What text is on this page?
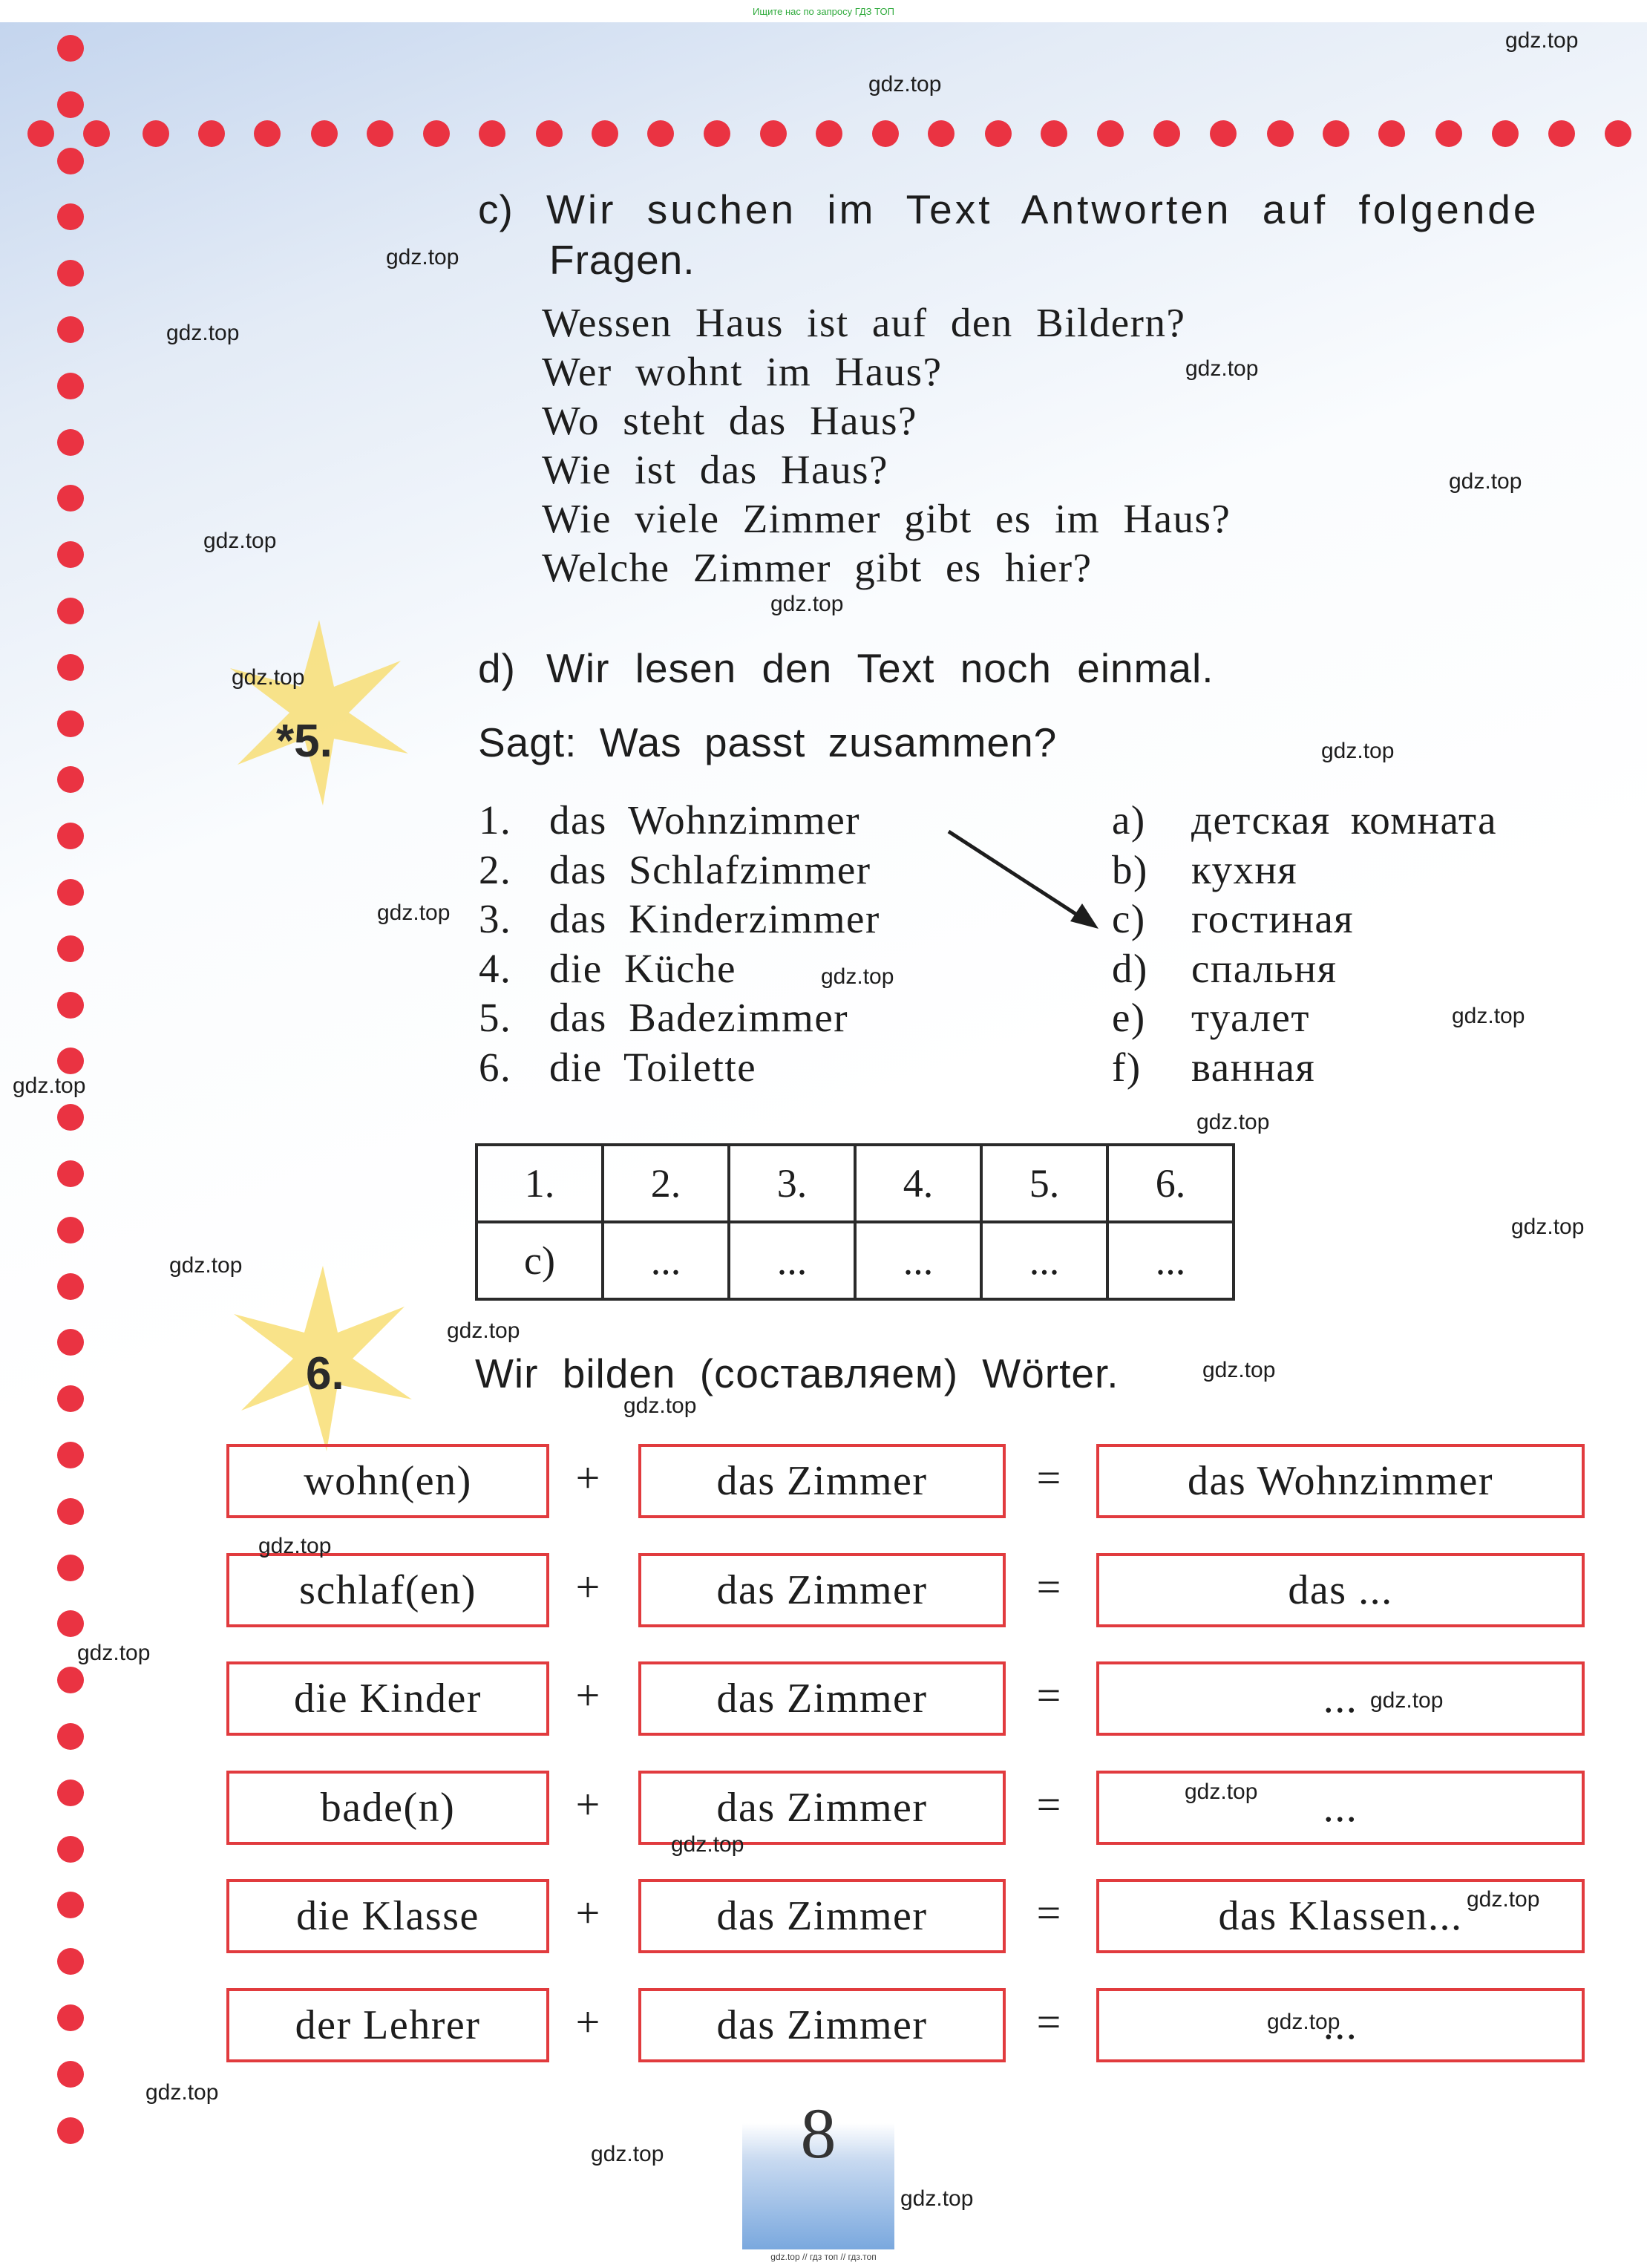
Ищите нас по запросу ГДЗ ТОП
gdz.top // гдз топ // гдз.топ
c) Wir suchen im Text Antworten auf folgende
Fragen.
Wessen Haus ist auf den Bildern?
Wer wohnt im Haus?
Wo steht das Haus?
Wie ist das Haus?
Wie viele Zimmer gibt es im Haus?
Welche Zimmer gibt es hier?
d) Wir lesen den Text noch einmal.
*5.	Sagt: Was passt zusammen?
1. das Wohnzimmer
2. das Schlafzimmer
3. das Kinderzimmer
4. die Küche
5. das Badezimmer
6. die Toilette
a) детская комната
b) кухня
c) гостиная
d) спальня
e) туалет
f) ванная
1.	2.	3.	4.	5.	6.
c)	...	...	...	...	...
6.	Wir bilden (составляем) Wörter.
wohn(en)	+	das Zimmer	=	das Wohnzimmer
schlaf(en)	+	das Zimmer	=	das ...
die Kinder	+	das Zimmer	=	...
bade(n)	+	das Zimmer	=	...
die Klasse	+	das Zimmer	=	das Klassen...
der Lehrer	+	das Zimmer	=	...
8
gdz.top
gdz.top
gdz.top
gdz.top
gdz.top
gdz.top
gdz.top
gdz.top
gdz.top
gdz.top
gdz.top
gdz.top
gdz.top
gdz.top
gdz.top
gdz.top
gdz.top
gdz.top
gdz.top
gdz.top
gdz.top
gdz.top
gdz.top
gdz.top
gdz.top
gdz.top
gdz.top
gdz.top
gdz.top
gdz.top
